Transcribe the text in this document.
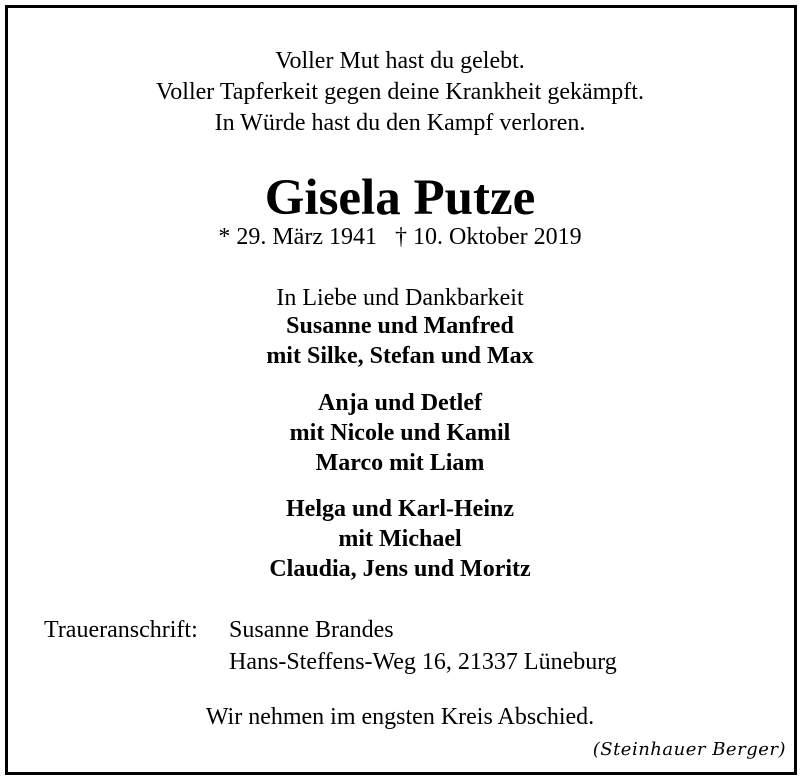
Voller Mut hast du gelebt.
Voller Tapferkeit gegen deine Krankheit gekämpft.
In Würde hast du den Kampf verloren.
Gisela Putze
* 29. März 1941 † 10. Oktober 2019
In Liebe und Dankbarkeit
Susanne und Manfred
mit Silke, Stefan und Max
Anja und Detlef
mit Nicole und Kamil
Marco mit Liam
Helga und Karl-Heinz
mit Michael
Claudia, Jens und Moritz
Traueranschrift: Susanne Brandes
Hans-Steffens-Weg 16, 21337 Lüneburg
Wir nehmen im engsten Kreis Abschied.
(Steinhauer Berger)
